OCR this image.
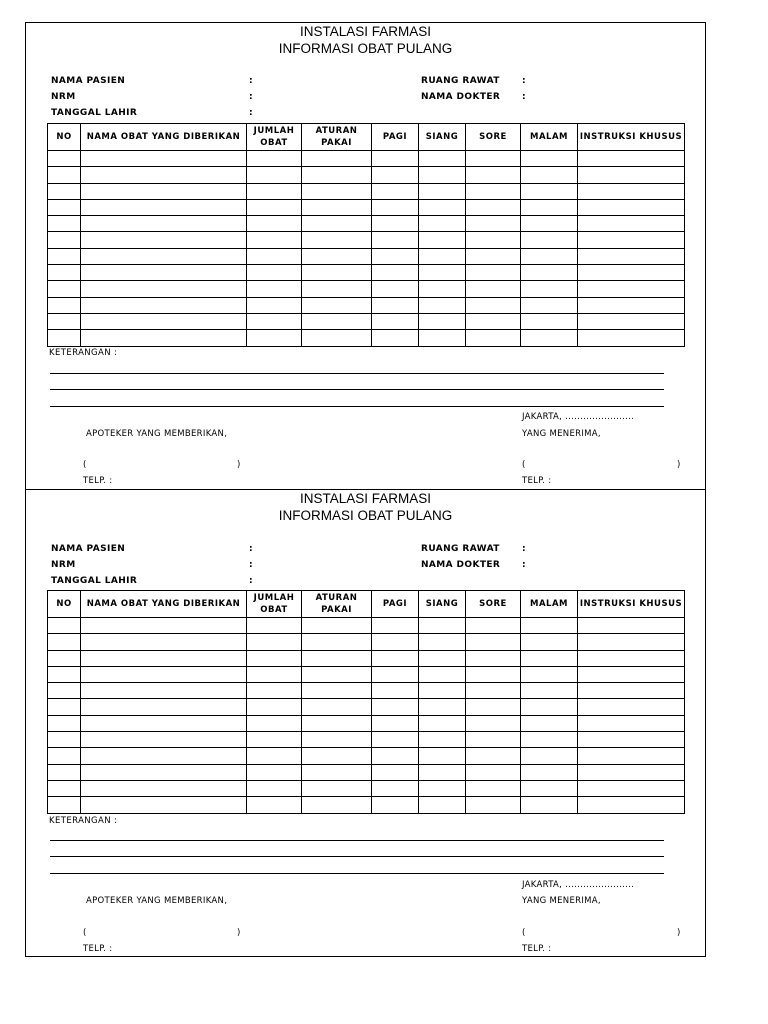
INSTALASI FARMASI
INFORMASI OBAT PULANG
NAMA PASIEN	:
NRM	:
TANGGAL LAHIR	:
RUANG RAWAT :
NAMA DOKTER :
NO	NAMA OBAT YANG DIBERIKAN	JUMLAH OBAT	ATURAN PAKAI	PAGI	SIANG	SORE	MALAM	INSTRUKSI KHUSUS

KETERANGAN :
JAKARTA, .......................
APOTEKER YANG MEMBERIKAN,	YANG MENERIMA,
(	)	(	)
TELP. :	TELP. :
INSTALASI FARMASI
INFORMASI OBAT PULANG
NAMA PASIEN	:
NRM	:
TANGGAL LAHIR	:
RUANG RAWAT :
NAMA DOKTER :
NO	NAMA OBAT YANG DIBERIKAN	JUMLAH OBAT	ATURAN PAKAI	PAGI	SIANG	SORE	MALAM	INSTRUKSI KHUSUS

KETERANGAN :
JAKARTA, .......................
APOTEKER YANG MEMBERIKAN,	YANG MENERIMA,
(	)	(	)
TELP. :	TELP. :
